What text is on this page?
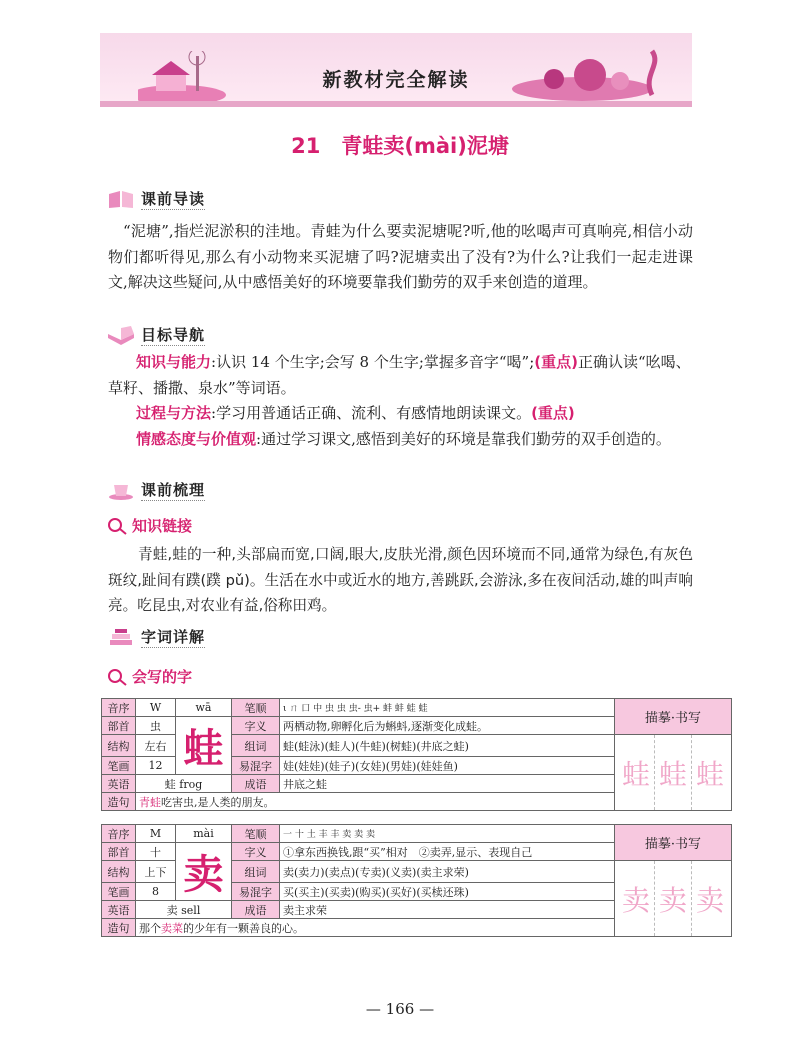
新教材完全解读
21　青蛙卖(mài)泥塘
课前导读
“泥塘”,指烂泥淤积的洼地。青蛙为什么要卖泥塘呢?听,他的吆喝声可真响亮,相信小动物们都听得见,那么有小动物来买泥塘了吗?泥塘卖出了没有?为什么?让我们一起走进课文,解决这些疑问,从中感悟美好的环境要靠我们勤劳的双手来创造的道理。
目标导航
知识与能力:认识 14 个生字;会写 8 个生字;掌握多音字“喝”;(重点)正确认读“吆喝、草籽、播撒、泉水”等词语。
过程与方法:学习用普通话正确、流利、有感情地朗读课文。(重点)
情感态度与价值观:通过学习课文,感悟到美好的环境是靠我们勤劳的双手创造的。
课前梳理
知识链接
青蛙,蛙的一种,头部扁而宽,口阔,眼大,皮肤光滑,颜色因环境而不同,通常为绿色,有灰色斑纹,趾间有蹼(蹼 pǔ)。生活在水中或近水的地方,善跳跃,会游泳,多在夜间活动,雄的叫声响亮。吃昆虫,对农业有益,俗称田鸡。
字词详解
会写的字
音序	W	wā	笔顺	ι ㄇ 口 中 虫 虫 虫- 虫+ 蚌 蚌 蛙 蛙	描摹·书写
部首	虫	蛙	字义	两栖动物,卵孵化后为蝌蚪,逐渐变化成蛙。	
结构	左右		组词	蛙(蛙泳)(蛙人)(牛蛙)(树蛙)(井底之蛙)	蛙 蛙 蛙

笔画	12		易混字	娃(娃娃)(娃子)(女娃)(男娃)(娃娃鱼)	
英语	蛙 frog		成语	井底之蛙	
造句	青蛙吃害虫,是人类的朋友。				
音序	M	mài	笔顺	一 十 土 丰 丰 卖 卖 卖	描摹·书写
部首	十	卖	字义	①拿东西换钱,跟“买”相对　②卖弄,显示、表现自己	
结构	上下		组词	卖(卖力)(卖点)(专卖)(义卖)(卖主求荣)	卖 卖 卖

笔画	8		易混字	买(买主)(买卖)(购买)(买好)(买椟还珠)	
英语	卖 sell		成语	卖主求荣	
造句	那个卖菜的少年有一颗善良的心。				
— 166 —
